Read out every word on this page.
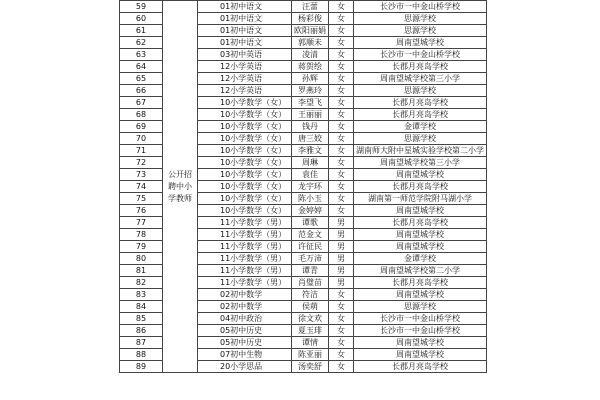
59	公开招聘中小学教师	01初中语文	汪蕾	女	长沙市一中金山桥学校
60		01初中语文	杨彩俊	女	思源学校
61		01初中语文	欧阳丽娟	女	思源学校
62		01初中语文	郭顺未	女	周南望城学校
63		03初中英语	凌清	女	长沙市一中金山桥学校
64		12小学英语	蒋贺绘	女	长郡月亮岛学校
65		12小学英语	孙辉	女	周南望城学校第三小学
66		12小学英语	罗燕玲	女	思源学校
67		10小学数学（女）	李望飞	女	长郡月亮岛学校
68		10小学数学（女）	王丽丽	女	长郡月亮岛学校
69		10小学数学（女）	钱丹	女	金谭学校
70		10小学数学（女）	唐三姣	女	思源学校
71		10小学数学（女）	李雅文	女	湖南师大附中星城实验学校第二小学
72		10小学数学（女）	周琳	女	周南望城学校第三小学
73		10小学数学（女）	袁佳	女	周南望城学校
74		10小学数学（女）	龙宇环	女	长郡月亮岛学校
75		10小学数学（女）	陈小玉	女	湖南第一师范学院附马湖小学
76		10小学数学（女）	金婷婷	女	周南望城学校
77		11小学数学（男）	谭歌	男	长郡月亮岛学校
78		11小学数学（男）	范金文	男	周南望城学校
79		11小学数学（男）	许征民	男	周南望城学校
80		11小学数学（男）	毛万沛	男	金谭学校
81		11小学数学（男）	谭青	男	周南望城学校第二小学
82		11小学数学（男）	肖璧苗	男	长郡月亮岛学校
83		02初中数学	符洁	女	周南望城学校
84		02初中数学	侯萌	女	思源学校
85		04初中政治	徐文欢	女	长沙市一中金山桥学校
86		05初中历史	夏玉琲	女	长沙市一中金山桥学校
87		05初中历史	谭情	女	周南望城学校
88		07初中生物	陈亚丽	女	周南望城学校
89		20小学思品	汤奕舒	女	长郡月亮岛学校
